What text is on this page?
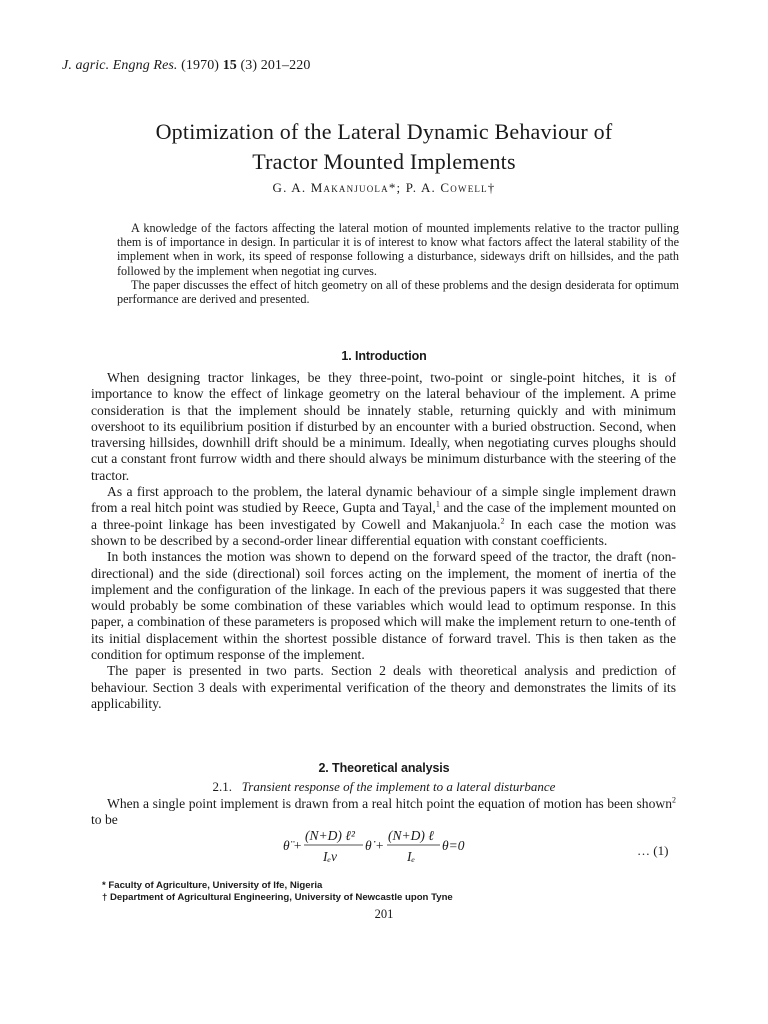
J. agric. Engng Res. (1970) 15 (3) 201–220
Optimization of the Lateral Dynamic Behaviour of
Tractor Mounted Implements
G. A. Makanjuola*; P. A. Cowell†

A knowledge of the factors affecting the lateral motion of mounted implements relative to the tractor pulling them is of importance in design. In particular it is of interest to know what factors affect the lateral stability of the implement when in work, its speed of response following a disturbance, sideways drift on hillsides, and the path followed by the implement when negotiat ing curves.

The paper discusses the effect of hitch geometry on all of these problems and the design desiderata for optimum performance are derived and presented.

1. Introduction

When designing tractor linkages, be they three-point, two-point or single-point hitches, it is of importance to know the effect of linkage geometry on the lateral behaviour of the implement. A prime consideration is that the implement should be innately stable, returning quickly and with minimum overshoot to its equilibrium position if disturbed by an encounter with a buried obstruction. Second, when traversing hillsides, downhill drift should be a minimum. Ideally, when negotiating curves ploughs should cut a constant front furrow width and there should always be minimum disturbance with the steering of the tractor.

As a first approach to the problem, the lateral dynamic behaviour of a simple single implement drawn from a real hitch point was studied by Reece, Gupta and Tayal,$^1$ and the case of the implement mounted on a three-point linkage has been investigated by Cowell and Makanjuola.$^2$ In each case the motion was shown to be described by a second-order linear differential equation with constant coefficients.

In both instances the motion was shown to depend on the forward speed of the tractor, the draft (non-directional) and the side (directional) soil forces acting on the implement, the moment of inertia of the implement and the configuration of the linkage. In each of the previous papers it was suggested that there would probably be some combination of these variables which would lead to optimum response. In this paper, a combination of these parameters is proposed which will make the implement return to one-tenth of its initial displacement within the shortest possible distance of forward travel. This is then taken as the condition for optimum response of the implement.

The paper is presented in two parts. Section 2 deals with theoretical analysis and prediction of behaviour. Section 3 deals with experimental verification of the theory and demonstrates the limits of its applicability.

2. Theoretical analysis
2.1. Transient response of the implement to a lateral disturbance

When a single point implement is drawn from a real hitch point the equation of motion has been shown$^2$ to be

θ̈ +
(N+D) ℓ²
Iₑv
θ̇ +
(N+D) ℓ
Iₑ
θ=0	… (1)
* Faculty of Agriculture, University of Ife, Nigeria
† Department of Agricultural Engineering, University of Newcastle upon Tyne
201
